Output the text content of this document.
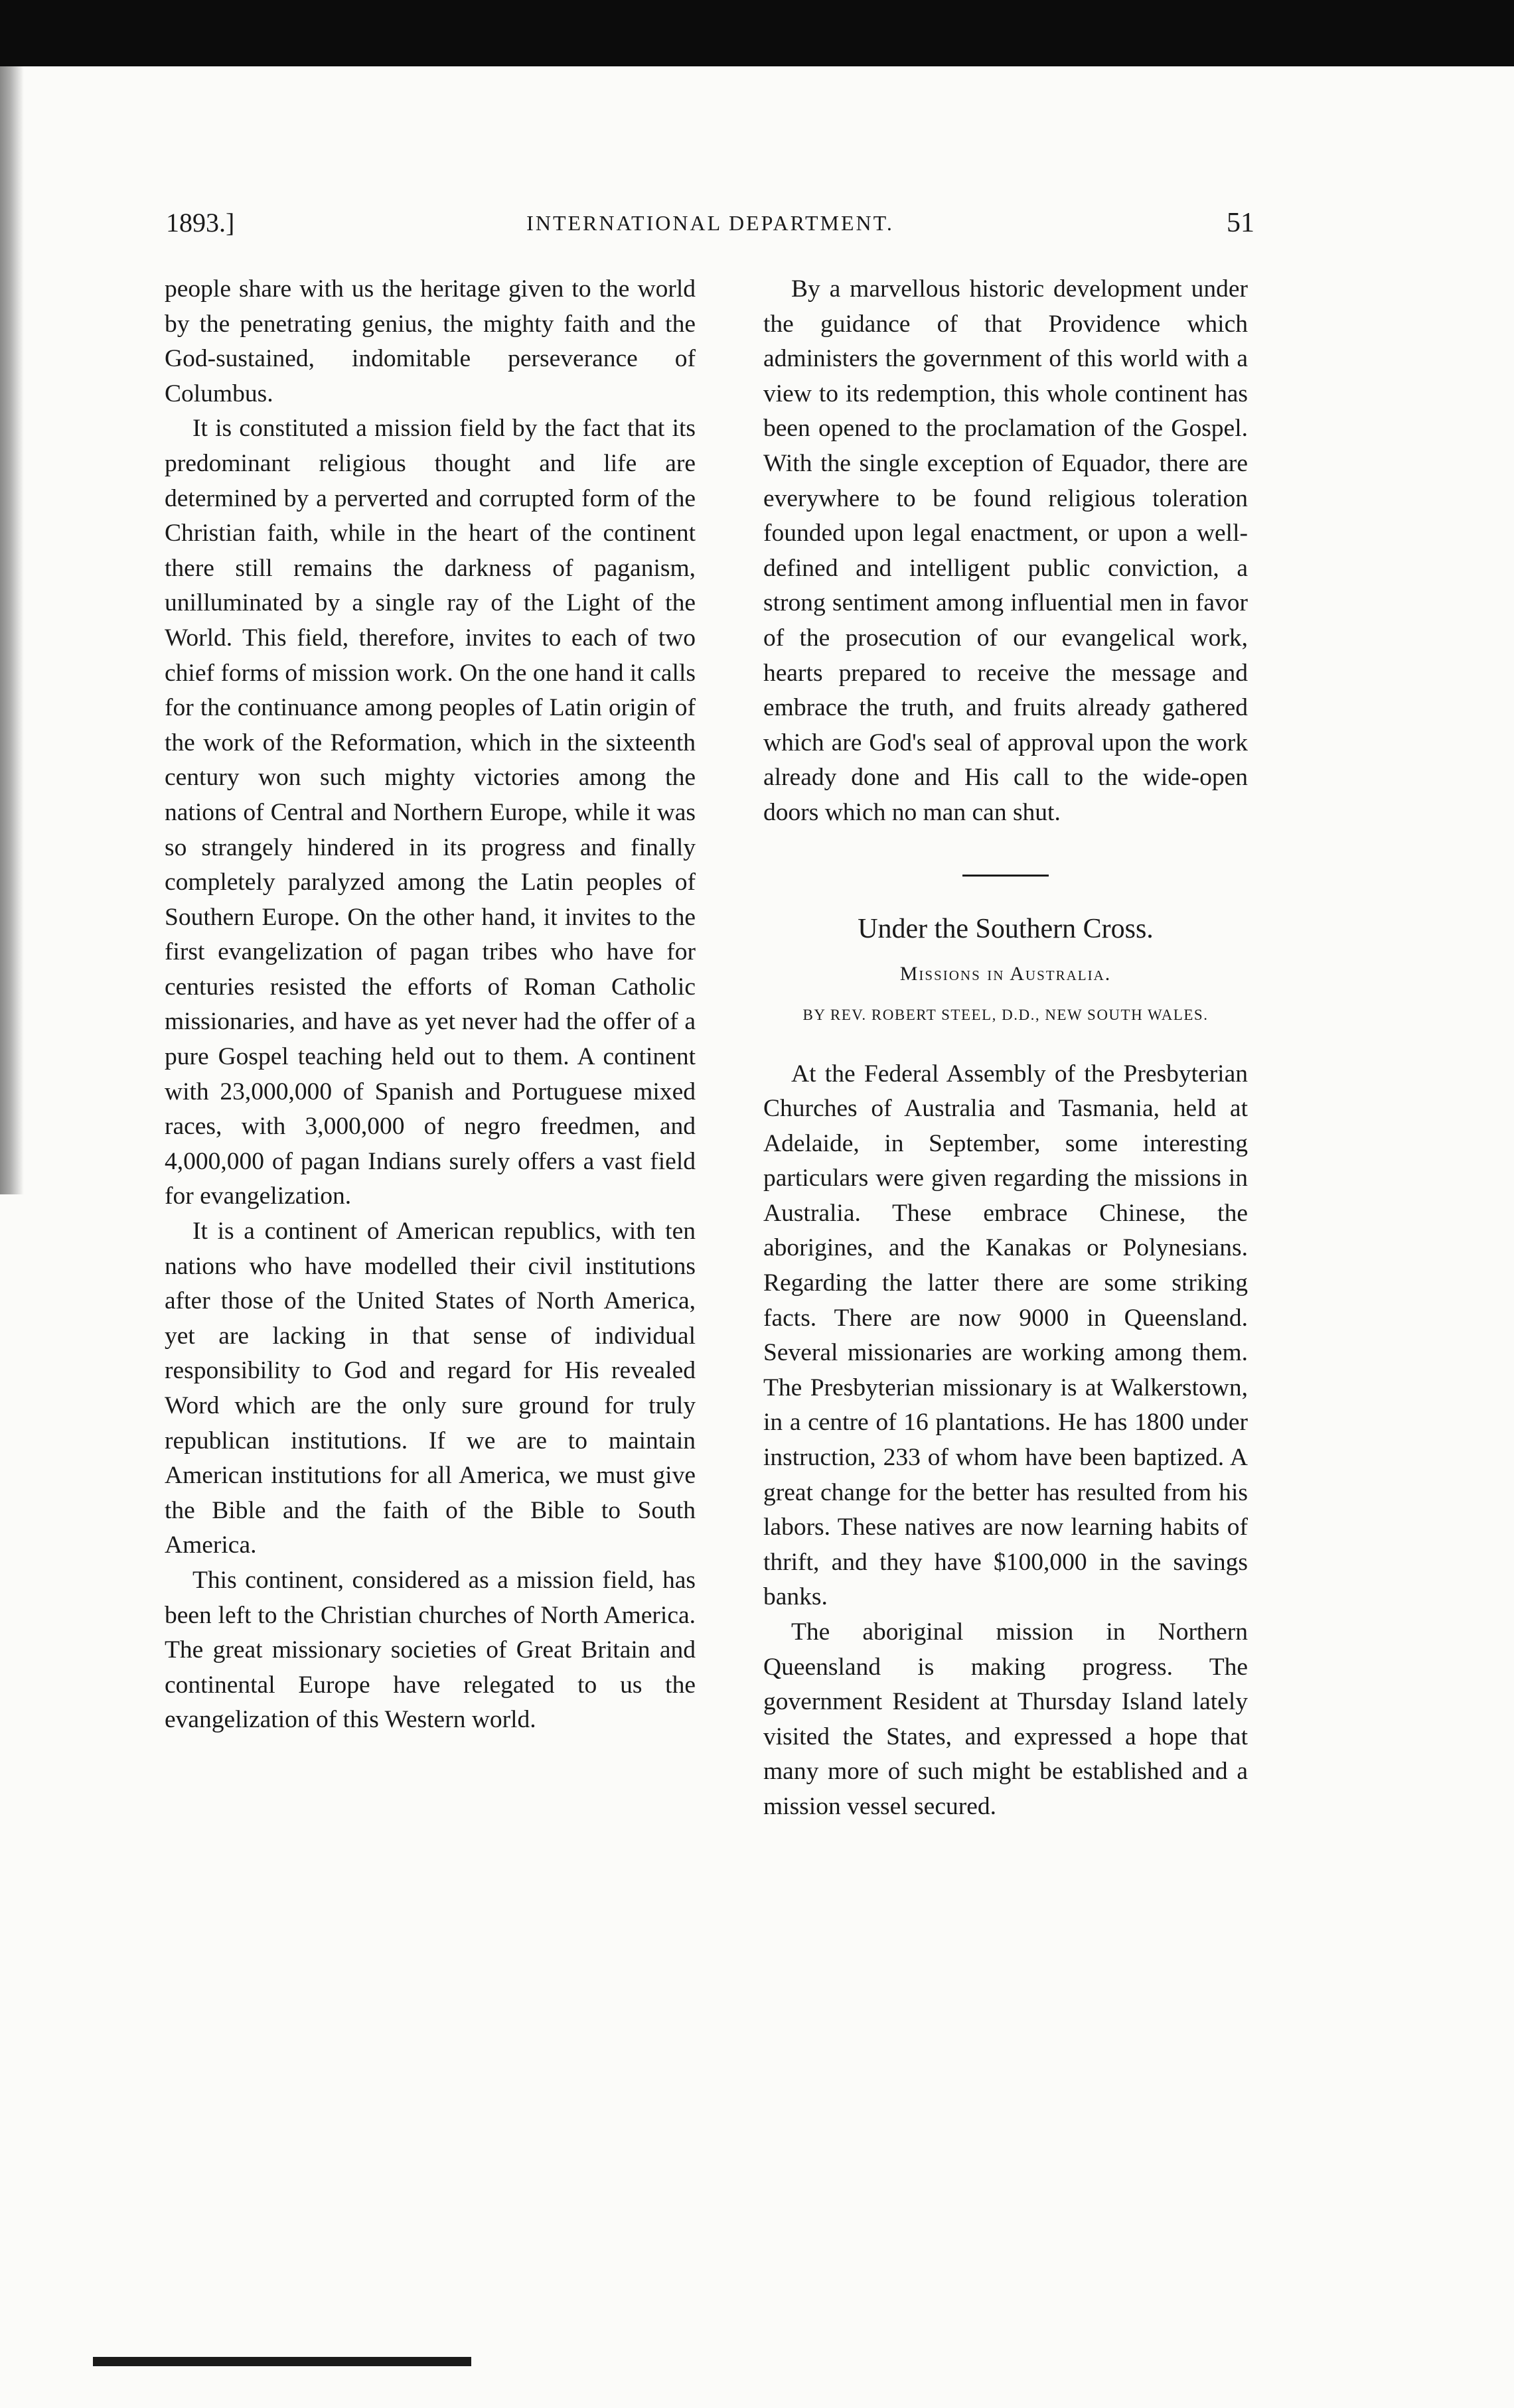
1893.]	INTERNATIONAL DEPARTMENT.	51

people share with us the heritage given to the world by the penetrating genius, the mighty faith and the God-sustained, indomitable perseverance of Columbus.

It is constituted a mission field by the fact that its predominant religious thought and life are determined by a perverted and corrupted form of the Christian faith, while in the heart of the continent there still remains the darkness of paganism, unilluminated by a single ray of the Light of the World. This field, therefore, invites to each of two chief forms of mission work. On the one hand it calls for the continuance among peoples of Latin origin of the work of the Reformation, which in the sixteenth century won such mighty victories among the nations of Central and Northern Europe, while it was so strangely hindered in its progress and finally completely paralyzed among the Latin peoples of Southern Europe. On the other hand, it invites to the first evangelization of pagan tribes who have for centuries resisted the efforts of Roman Catholic missionaries, and have as yet never had the offer of a pure Gospel teaching held out to them. A continent with 23,000,000 of Spanish and Portuguese mixed races, with 3,000,000 of negro freedmen, and 4,000,000 of pagan Indians surely offers a vast field for evangelization.

It is a continent of American republics, with ten nations who have modelled their civil institutions after those of the United States of North America, yet are lacking in that sense of individual responsibility to God and regard for His revealed Word which are the only sure ground for truly republican institutions. If we are to maintain American institutions for all America, we must give the Bible and the faith of the Bible to South America.

This continent, considered as a mission field, has been left to the Christian churches of North America. The great missionary societies of Great Britain and continental Europe have relegated to us the evangelization of this Western world.

By a marvellous historic development under the guidance of that Providence which administers the government of this world with a view to its redemption, this whole continent has been opened to the proclamation of the Gospel. With the single exception of Equador, there are everywhere to be found religious toleration founded upon legal enactment, or upon a well-defined and intelligent public conviction, a strong sentiment among influential men in favor of the prosecution of our evangelical work, hearts prepared to receive the message and embrace the truth, and fruits already gathered which are God's seal of approval upon the work already done and His call to the wide-open doors which no man can shut.

Under the Southern Cross.
Missions in Australia.
BY REV. ROBERT STEEL, D.D., NEW SOUTH WALES.

At the Federal Assembly of the Presbyterian Churches of Australia and Tasmania, held at Adelaide, in September, some interesting particulars were given regarding the missions in Australia. These embrace Chinese, the aborigines, and the Kanakas or Polynesians. Regarding the latter there are some striking facts. There are now 9000 in Queensland. Several missionaries are working among them. The Presbyterian missionary is at Walkerstown, in a centre of 16 plantations. He has 1800 under instruction, 233 of whom have been baptized. A great change for the better has resulted from his labors. These natives are now learning habits of thrift, and they have $100,000 in the savings banks.

The aboriginal mission in Northern Queensland is making progress. The government Resident at Thursday Island lately visited the States, and expressed a hope that many more of such might be established and a mission vessel secured.
